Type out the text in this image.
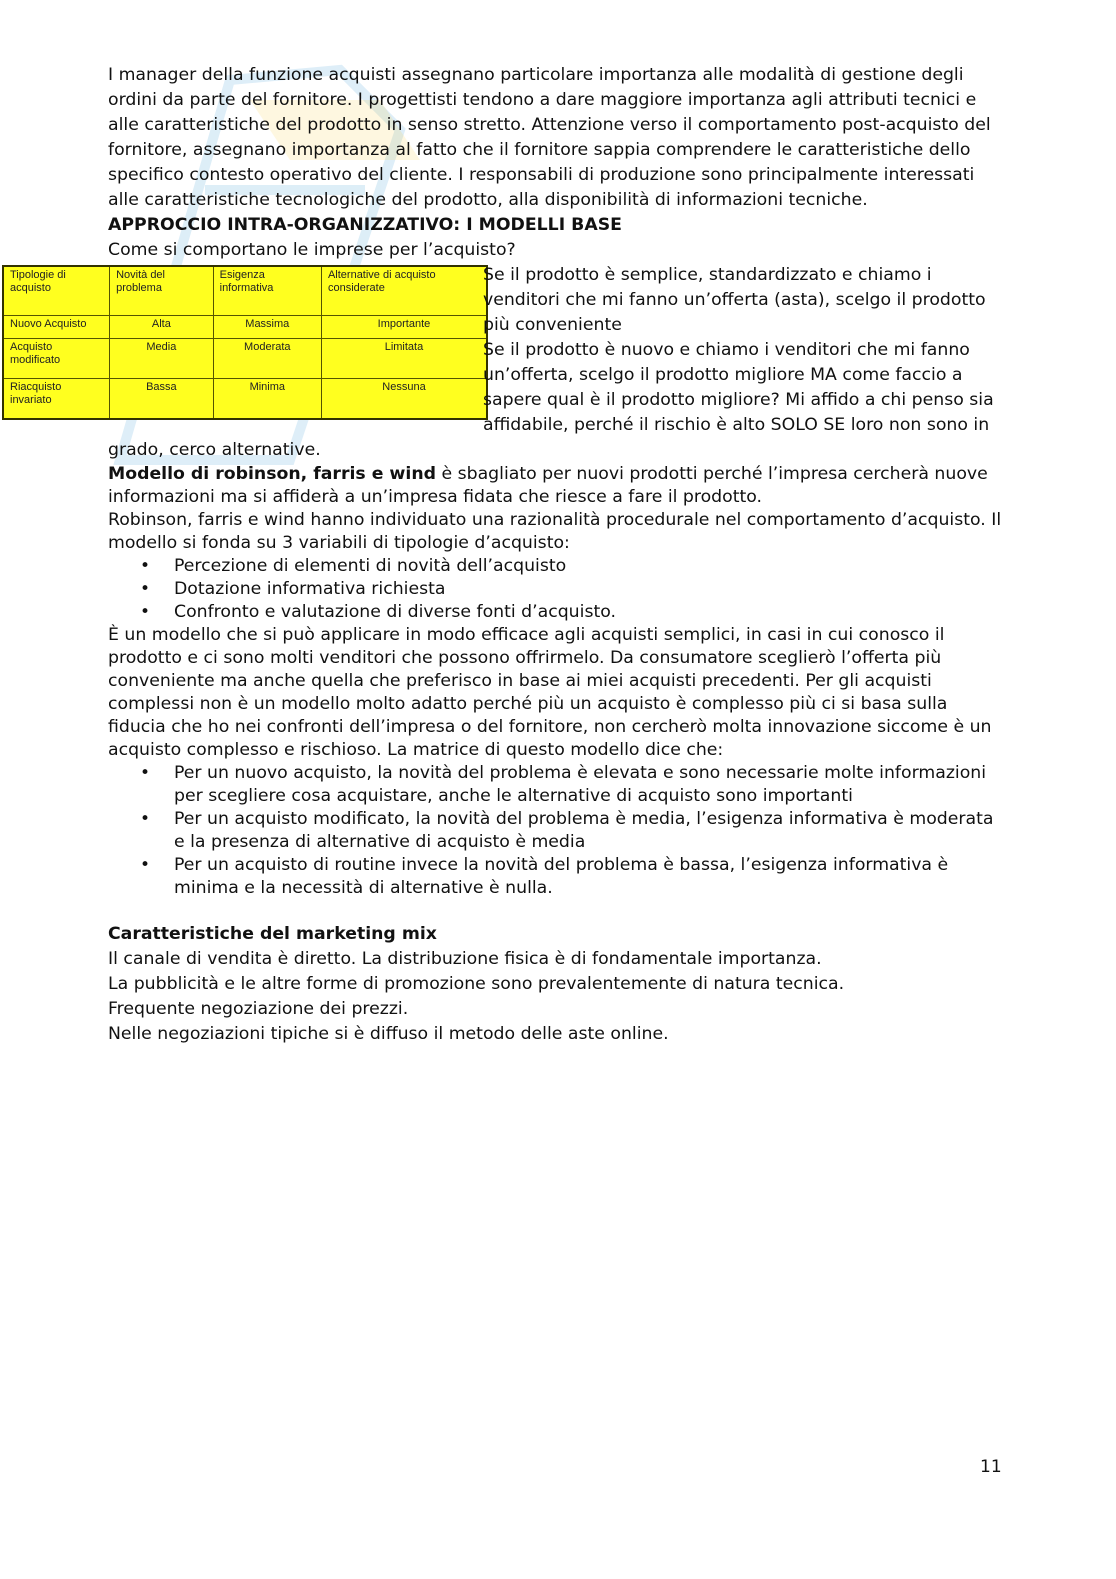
I manager della funzione acquisti assegnano particolare importanza alle modalità di gestione degli ordini da parte del fornitore. I progettisti tendono a dare maggiore importanza agli attributi tecnici e alle caratteristiche del prodotto in senso stretto. Attenzione verso il comportamento post-acquisto del fornitore, assegnano importanza al fatto che il fornitore sappia comprendere le caratteristiche dello specifico contesto operativo del cliente. I responsabili di produzione sono principalmente interessati alle caratteristiche tecnologiche del prodotto, alla disponibilità di informazioni tecniche.

APPROCCIO INTRA-ORGANIZZATIVO: I MODELLI BASE

Come si comportano le imprese per l’acquisto?

Tipologie di acquisto	Novità del problema	Esigenza informativa	Alternative di acquisto considerate
Nuovo Acquisto	Alta	Massima	Importante
Acquisto modificato	Media	Moderata	Limitata
Riacquisto invariato	Bassa	Minima	Nessuna

Se il prodotto è semplice, standardizzato e chiamo i venditori che mi fanno un’offerta (asta), scelgo il prodotto più conveniente

Se il prodotto è nuovo e chiamo i venditori che mi fanno un’offerta, scelgo il prodotto migliore MA come faccio a sapere qual è il prodotto migliore? Mi affido a chi penso sia affidabile, perché il rischio è alto SOLO SE loro non sono in grado, cerco alternative.

Modello di robinson, farris e wind è sbagliato per nuovi prodotti perché l’impresa cercherà nuove informazioni ma si affiderà a un’impresa fidata che riesce a fare il prodotto.

Robinson, farris e wind hanno individuato una razionalità procedurale nel comportamento d’acquisto. Il modello si fonda su 3 variabili di tipologie d’acquisto:

• Percezione di elementi di novità dell’acquisto
• Dotazione informativa richiesta
• Confronto e valutazione di diverse fonti d’acquisto.

È un modello che si può applicare in modo efficace agli acquisti semplici, in casi in cui conosco il prodotto e ci sono molti venditori che possono offrirmelo. Da consumatore sceglierò l’offerta più conveniente ma anche quella che preferisco in base ai miei acquisti precedenti. Per gli acquisti complessi non è un modello molto adatto perché più un acquisto è complesso più ci si basa sulla fiducia che ho nei confronti dell’impresa o del fornitore, non cercherò molta innovazione siccome è un acquisto complesso e rischioso. La matrice di questo modello dice che:

• Per un nuovo acquisto, la novità del problema è elevata e sono necessarie molte informazioni per scegliere cosa acquistare, anche le alternative di acquisto sono importanti
• Per un acquisto modificato, la novità del problema è media, l’esigenza informativa è moderata e la presenza di alternative di acquisto è media
• Per un acquisto di routine invece la novità del problema è bassa, l’esigenza informativa è minima e la necessità di alternative è nulla.

Caratteristiche del marketing mix

Il canale di vendita è diretto. La distribuzione fisica è di fondamentale importanza.

La pubblicità e le altre forme di promozione sono prevalentemente di natura tecnica.

Frequente negoziazione dei prezzi.

Nelle negoziazioni tipiche si è diffuso il metodo delle aste online.

11
